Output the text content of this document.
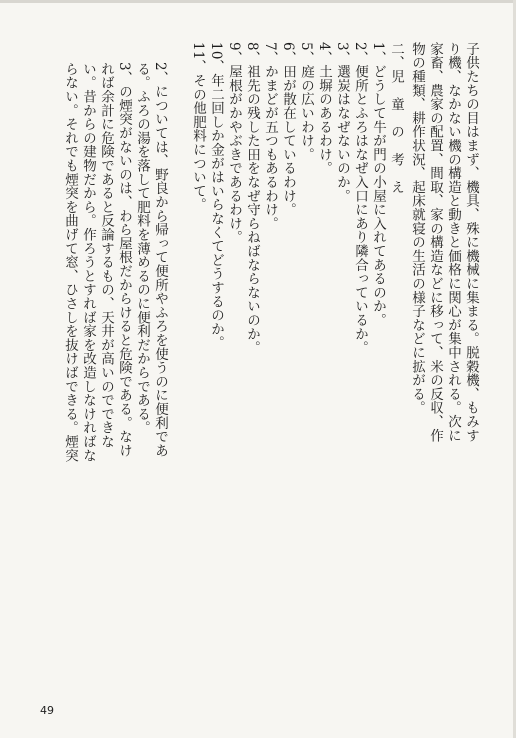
子供たちの目はまず、機具、殊に機械に集まる。脱穀機、もみす
り機、なかない機の構造と動きと価格に関心が集中される。次に
家畜、農家の配置、間取、家の構造などに移って、米の反収、作
物の種類、耕作状況、起床就寝の生活の様子などに拡がる。
二、児　童　の　考　え
1、どうして牛が門の小屋に入れてあるのか。
2、便所とふろはなぜ入口にあり隣合っているか。
3、選炭はなぜないのか。
4、土塀のあるわけ。
5、庭の広いわけ。
6、田が散在しているわけ。
7、かまどが五つもあるわけ。
8、祖先の残した田をなぜ守らねばならないのか。
9、屋根がかやぶきであるわけ。
10、年二回しか金がはいらなくてどうするのか。
11、その他肥料について。
2、については、野良から帰って便所やふろを使うのに便利であ
る。ふろの湯を落して肥料を薄めるのに便利だからである。
3、の煙突がないのは、わら屋根だからけると危険である。なけ
れば余計に危険であると反論するもの、天井が高いのでできな
い。昔からの建物だから。作ろうとすれば家を改造しなければな
らない。それでも煙突を曲げて窓、ひさしを抜けばできる。煙突
49
